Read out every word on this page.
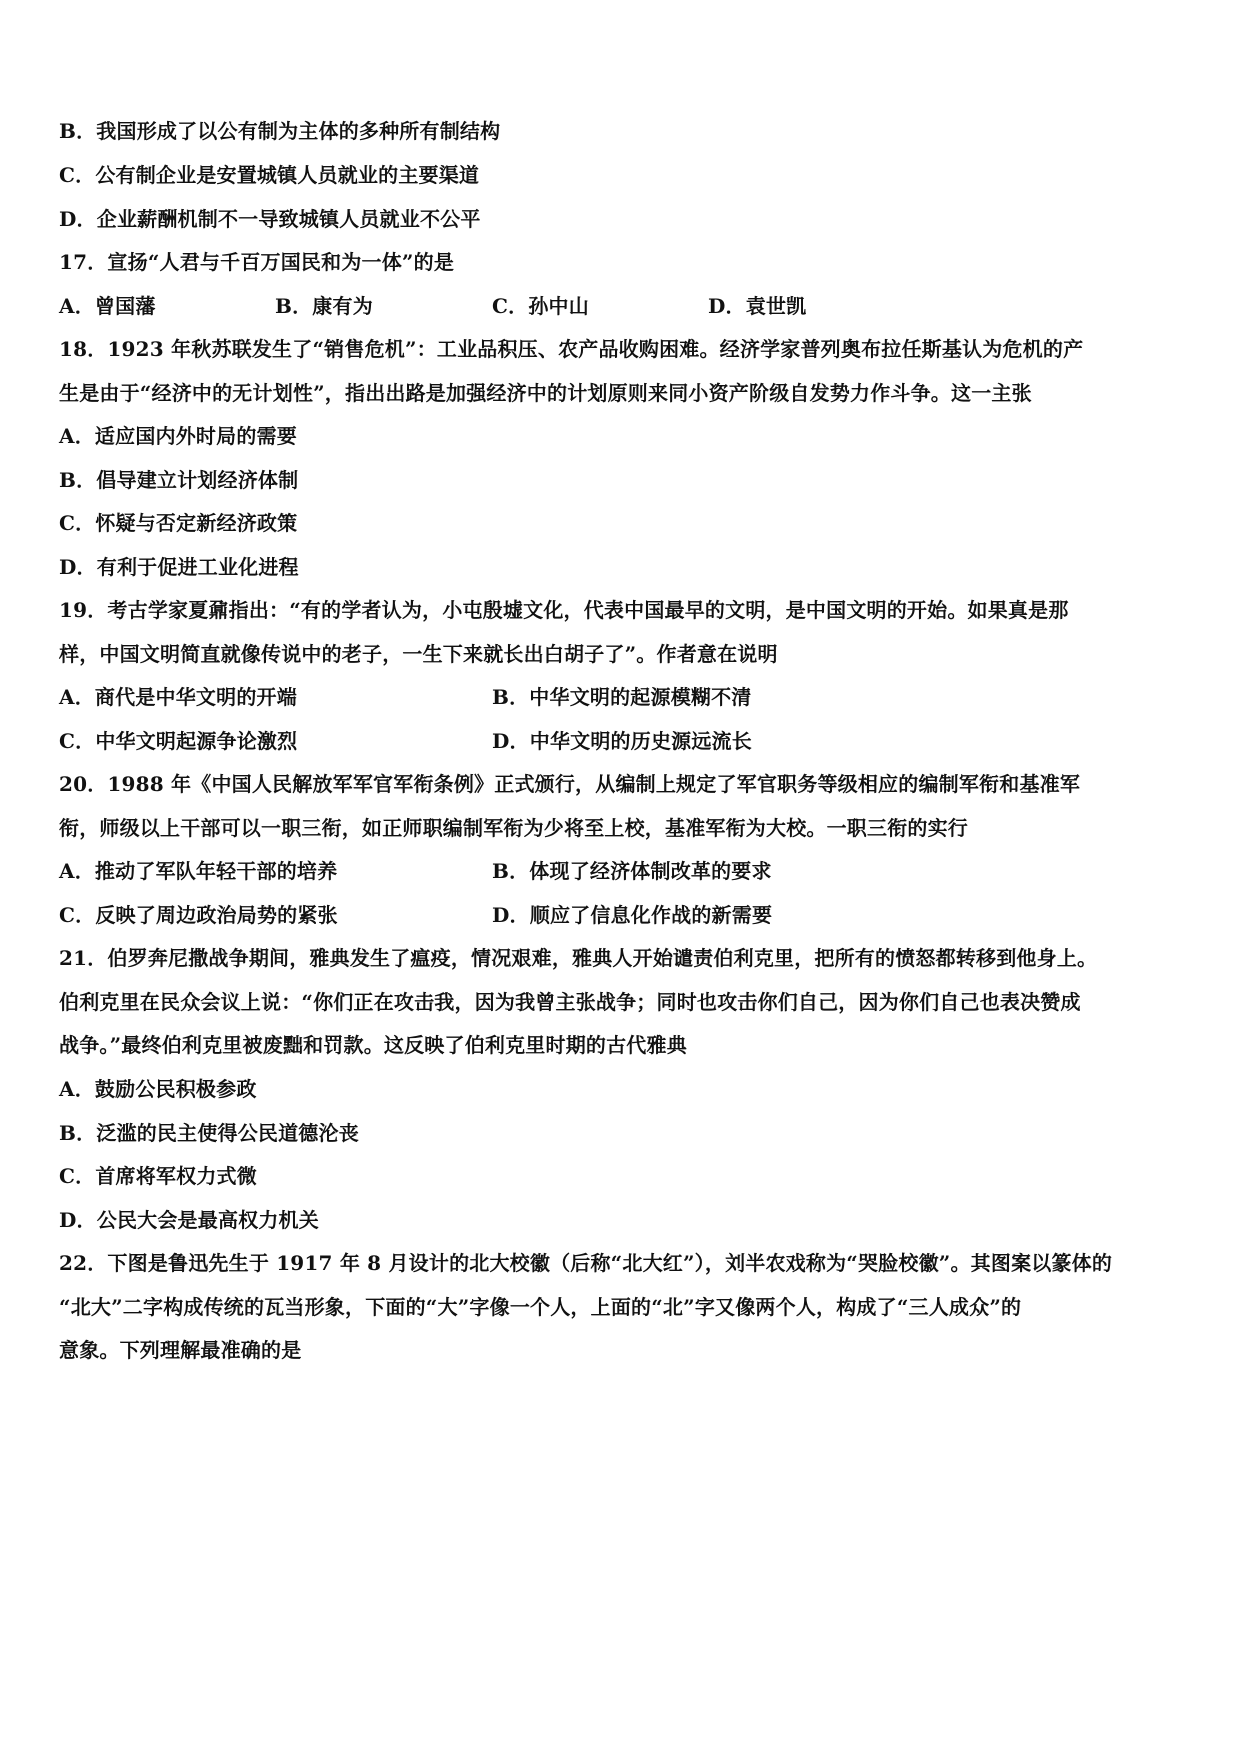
B．我国形成了以公有制为主体的多种所有制结构
C．公有制企业是安置城镇人员就业的主要渠道
D．企业薪酬机制不一导致城镇人员就业不公平
17．宣扬“人君与千百万国民和为一体”的是
A．曾国藩	B．康有为	C．孙中山	D．袁世凯
18．1923 年秋苏联发生了“销售危机”：工业品积压、农产品收购困难。经济学家普列奥布拉任斯基认为危机的产
生是由于“经济中的无计划性”，指出出路是加强经济中的计划原则来同小资产阶级自发势力作斗争。这一主张
A．适应国内外时局的需要
B．倡导建立计划经济体制
C．怀疑与否定新经济政策
D．有利于促进工业化进程
19．考古学家夏鼐指出：“有的学者认为，小屯殷墟文化，代表中国最早的文明，是中国文明的开始。如果真是那
样，中国文明简直就像传说中的老子，一生下来就长出白胡子了”。作者意在说明
A．商代是中华文明的开端	B．中华文明的起源模糊不清
C．中华文明起源争论激烈	D．中华文明的历史源远流长
20．1988 年《中国人民解放军军官军衔条例》正式颁行，从编制上规定了军官职务等级相应的编制军衔和基准军
衔，师级以上干部可以一职三衔，如正师职编制军衔为少将至上校，基准军衔为大校。一职三衔的实行
A．推动了军队年轻干部的培养	B．体现了经济体制改革的要求
C．反映了周边政治局势的紧张	D．顺应了信息化作战的新需要
21．伯罗奔尼撒战争期间，雅典发生了瘟疫，情况艰难，雅典人开始谴责伯利克里，把所有的愤怒都转移到他身上。
伯利克里在民众会议上说：“你们正在攻击我，因为我曾主张战争；同时也攻击你们自己，因为你们自己也表决赞成
战争。”最终伯利克里被废黜和罚款。这反映了伯利克里时期的古代雅典
A．鼓励公民积极参政
B．泛滥的民主使得公民道德沦丧
C．首席将军权力式微
D．公民大会是最高权力机关
22．下图是鲁迅先生于 1917 年 8 月设计的北大校徽（后称“北大红”），刘半农戏称为“哭脸校徽”。其图案以篆体的
“北大”二字构成传统的瓦当形象，下面的“大”字像一个人，上面的“北”字又像两个人，构成了“三人成众”的
意象。下列理解最准确的是
